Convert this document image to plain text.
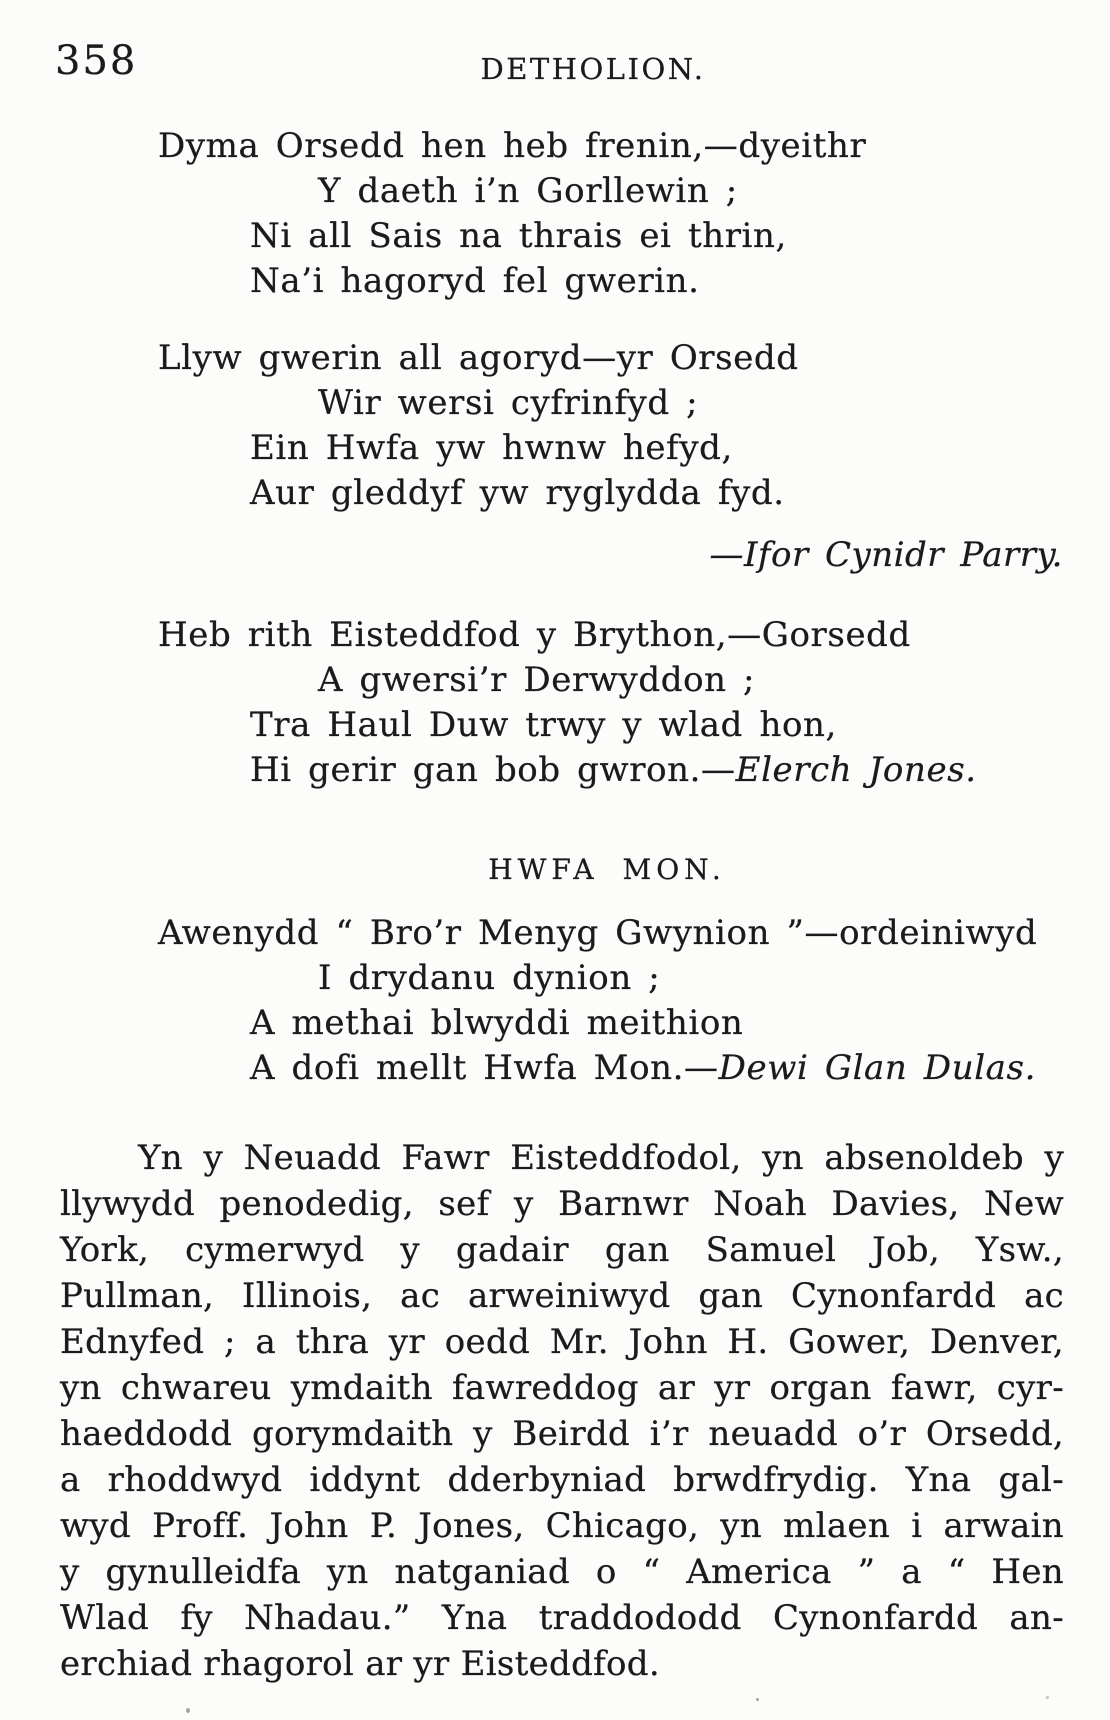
358	DETHOLION.
Dyma Orsedd hen heb frenin,—dyeithr
Y daeth i’n Gorllewin ;
Ni all Sais na thrais ei thrin,
Na’i hagoryd fel gwerin.
Llyw gwerin all agoryd—yr Orsedd
Wir wersi cyfrinfyd ;
Ein Hwfa yw hwnw hefyd,
Aur gleddyf yw ryglydda fyd.
—Ifor Cynidr Parry.
Heb rith Eisteddfod y Brython,—Gorsedd
A gwersi’r Derwyddon ;
Tra Haul Duw trwy y wlad hon,
Hi gerir gan bob gwron.—Elerch Jones.
HWFA MON.
Awenydd “ Bro’r Menyg Gwynion ”—ordeiniwyd
I drydanu dynion ;
A methai blwyddi meithion
A dofi mellt Hwfa Mon.—Dewi Glan Dulas.
Yn y Neuadd Fawr Eisteddfodol, yn absenoldeb y
llywydd penodedig, sef y Barnwr Noah Davies, New
York, cymerwyd y gadair gan Samuel Job, Ysw.,
Pullman, Illinois, ac arweiniwyd gan Cynonfardd ac
Ednyfed ; a thra yr oedd Mr. John H. Gower, Denver,
yn chwareu ymdaith fawreddog ar yr organ fawr, cyr-
haeddodd gorymdaith y Beirdd i’r neuadd o’r Orsedd,
a rhoddwyd iddynt dderbyniad brwdfrydig. Yna gal-
wyd Proff. John P. Jones, Chicago, yn mlaen i arwain
y gynulleidfa yn natganiad o “ America ” a “ Hen
Wlad fy Nhadau.” Yna traddododd Cynonfardd an-
erchiad rhagorol ar yr Eisteddfod.
